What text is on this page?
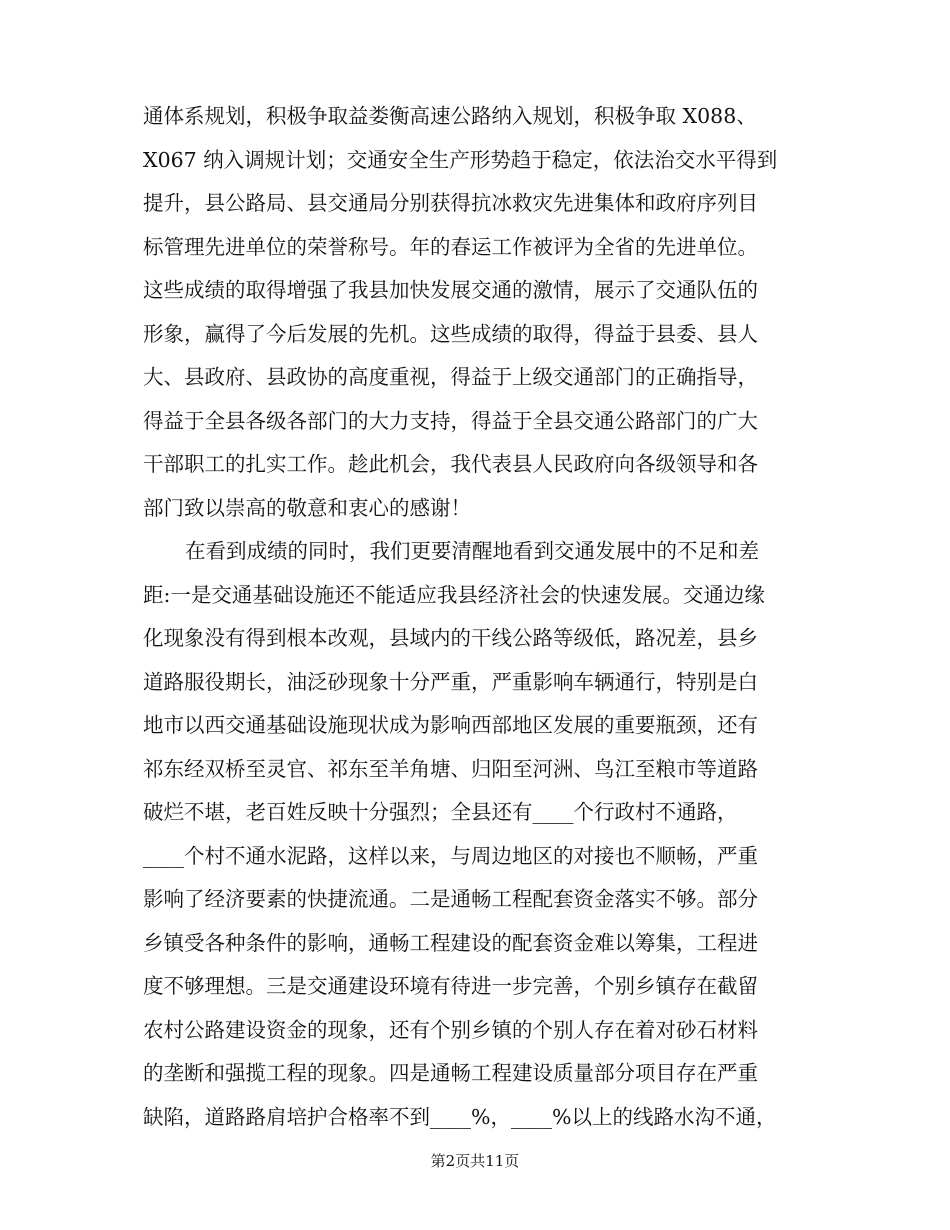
通体系规划，积极争取益娄衡高速公路纳入规划，积极争取 X088、
X067 纳入调规计划；交通安全生产形势趋于稳定，依法治交水平得到
提升，县公路局、县交通局分别获得抗冰救灾先进集体和政府序列目
标管理先进单位的荣誉称号。年的春运工作被评为全省的先进单位。
这些成绩的取得增强了我县加快发展交通的激情，展示了交通队伍的
形象，赢得了今后发展的先机。这些成绩的取得，得益于县委、县人
大、县政府、县政协的高度重视，得益于上级交通部门的正确指导，
得益于全县各级各部门的大力支持，得益于全县交通公路部门的广大
干部职工的扎实工作。趁此机会，我代表县人民政府向各级领导和各
部门致以崇高的敬意和衷心的感谢！
在看到成绩的同时，我们更要清醒地看到交通发展中的不足和差
距:一是交通基础设施还不能适应我县经济社会的快速发展。交通边缘
化现象没有得到根本改观，县域内的干线公路等级低，路况差，县乡
道路服役期长，油泛砂现象十分严重，严重影响车辆通行，特别是白
地市以西交通基础设施现状成为影响西部地区发展的重要瓶颈，还有
祁东经双桥至灵官、祁东至羊角塘、归阳至河洲、鸟江至粮市等道路
破烂不堪，老百姓反映十分强烈；全县还有____个行政村不通路，
____个村不通水泥路，这样以来，与周边地区的对接也不顺畅，严重
影响了经济要素的快捷流通。二是通畅工程配套资金落实不够。部分
乡镇受各种条件的影响，通畅工程建设的配套资金难以筹集，工程进
度不够理想。三是交通建设环境有待进一步完善，个别乡镇存在截留
农村公路建设资金的现象，还有个别乡镇的个别人存在着对砂石材料
的垄断和强揽工程的现象。四是通畅工程建设质量部分项目存在严重
缺陷，道路路肩培护合格率不到____%，____%以上的线路水沟不通，
第2页共11页
